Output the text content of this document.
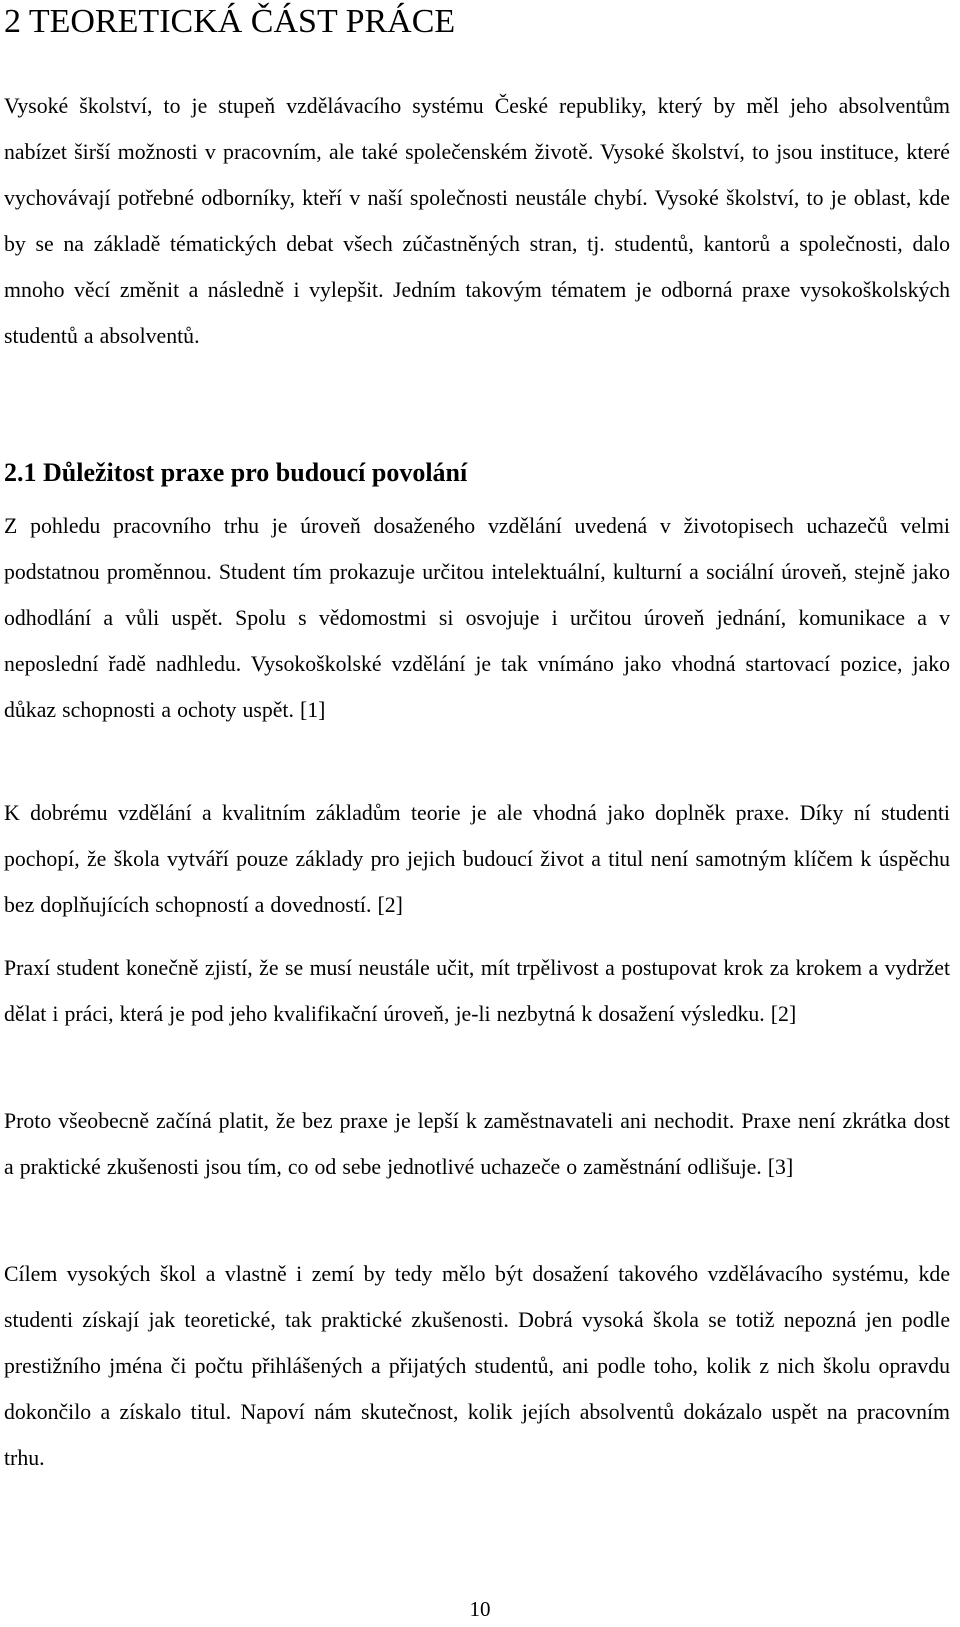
2 TEORETICKÁ ČÁST PRÁCE

Vysoké školství, to je stupeň vzdělávacího systému České republiky, který by měl jeho absolventům nabízet širší možnosti v pracovním, ale také společenském životě. Vysoké školství, to jsou instituce, které vychovávají potřebné odborníky, kteří v naší společnosti neustále chybí. Vysoké školství, to je oblast, kde by se na základě tématických debat všech zúčastněných stran, tj. studentů, kantorů a společnosti, dalo mnoho věcí změnit a následně i vylepšit. Jedním takovým tématem je odborná praxe vysokoškolských studentů a absolventů.

2.1 Důležitost praxe pro budoucí povolání

Z pohledu pracovního trhu je úroveň dosaženého vzdělání uvedená v životopisech uchazečů velmi podstatnou proměnnou. Student tím prokazuje určitou intelektuální, kulturní a sociální úroveň, stejně jako odhodlání a vůli uspět. Spolu s vědomostmi si osvojuje i určitou úroveň jednání, komunikace a v neposlední řadě nadhledu. Vysokoškolské vzdělání je tak vnímáno jako vhodná startovací pozice, jako důkaz schopnosti a ochoty uspět. [1]

K dobrému vzdělání a kvalitním základům teorie je ale vhodná jako doplněk praxe. Díky ní studenti pochopí, že škola vytváří pouze základy pro jejich budoucí život a titul není samotným klíčem k úspěchu bez doplňujících schopností a dovedností. [2]

Praxí student konečně zjistí, že se musí neustále učit, mít trpělivost a postupovat krok za krokem a vydržet dělat i práci, která je pod jeho kvalifikační úroveň, je-li nezbytná k dosažení výsledku. [2]

Proto všeobecně začíná platit, že bez praxe je lepší k zaměstnavateli ani nechodit. Praxe není zkrátka dost a praktické zkušenosti jsou tím, co od sebe jednotlivé uchazeče o zaměstnání odlišuje. [3]

Cílem vysokých škol a vlastně i zemí by tedy mělo být dosažení takového vzdělávacího systému, kde studenti získají jak teoretické, tak praktické zkušenosti. Dobrá vysoká škola se totiž nepozná jen podle prestižního jména či počtu přihlášených a přijatých studentů, ani podle toho, kolik z nich školu opravdu dokončilo a získalo titul. Napoví nám skutečnost, kolik jejích absolventů dokázalo uspět na pracovním trhu.

10
